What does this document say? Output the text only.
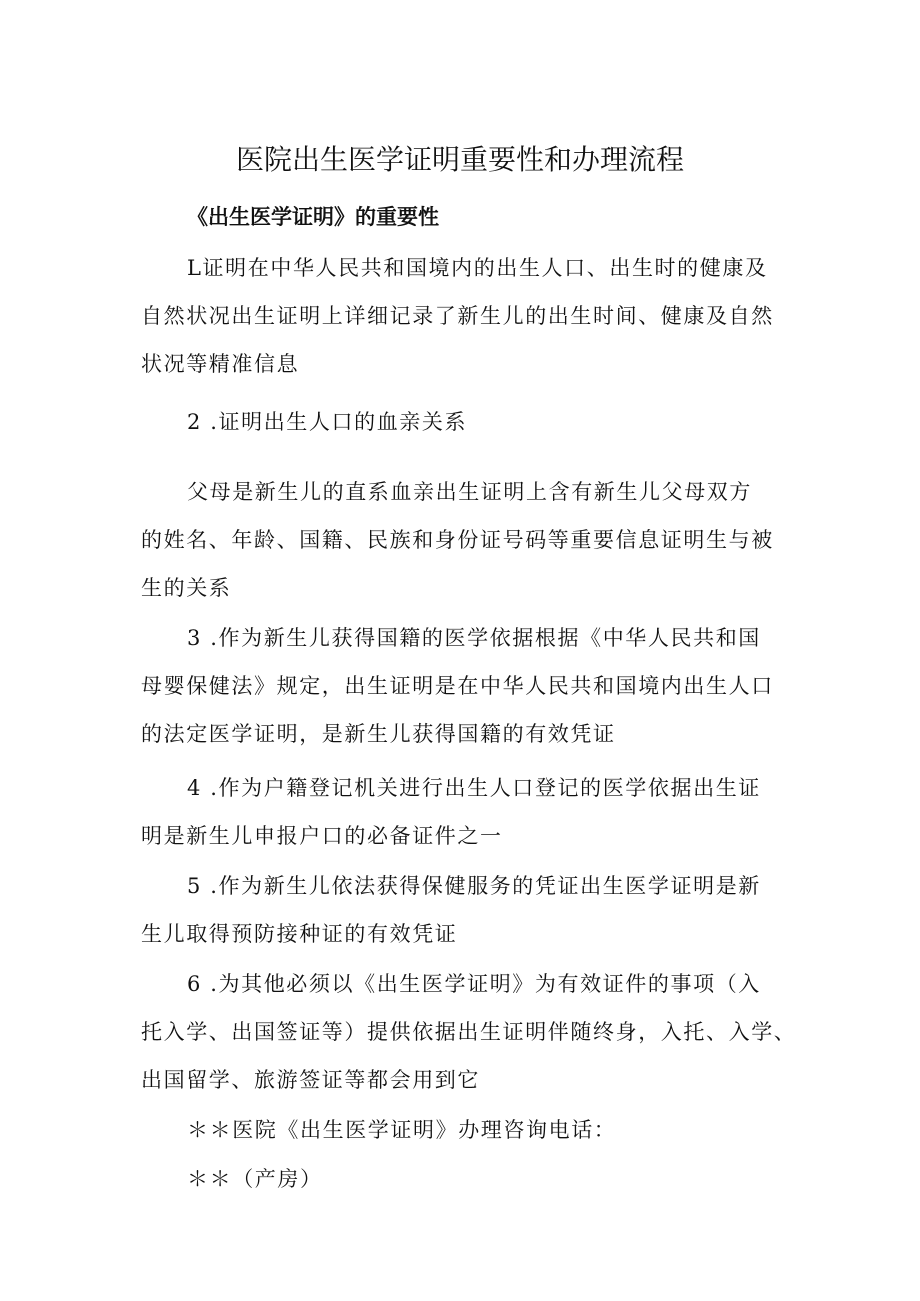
医院出生医学证明重要性和办理流程
《出生医学证明》的重要性
L证明在中华人民共和国境内的出生人口、出生时的健康及
自然状况出生证明上详细记录了新生儿的出生时间、健康及自然
状况等精准信息
2 .证明出生人口的血亲关系
父母是新生儿的直系血亲出生证明上含有新生儿父母双方
的姓名、年龄、国籍、民族和身份证号码等重要信息证明生与被
生的关系
3 .作为新生儿获得国籍的医学依据根据《中华人民共和国
母婴保健法》规定，出生证明是在中华人民共和国境内出生人口
的法定医学证明，是新生儿获得国籍的有效凭证
4 .作为户籍登记机关进行出生人口登记的医学依据出生证
明是新生儿申报户口的必备证件之一
5 .作为新生儿依法获得保健服务的凭证出生医学证明是新
生儿取得预防接种证的有效凭证
6 .为其他必须以《出生医学证明》为有效证件的事项（入
托入学、出国签证等）提供依据出生证明伴随终身，入托、入学、
出国留学、旅游签证等都会用到它
＊＊医院《出生医学证明》办理咨询电话：
＊＊（产房）
